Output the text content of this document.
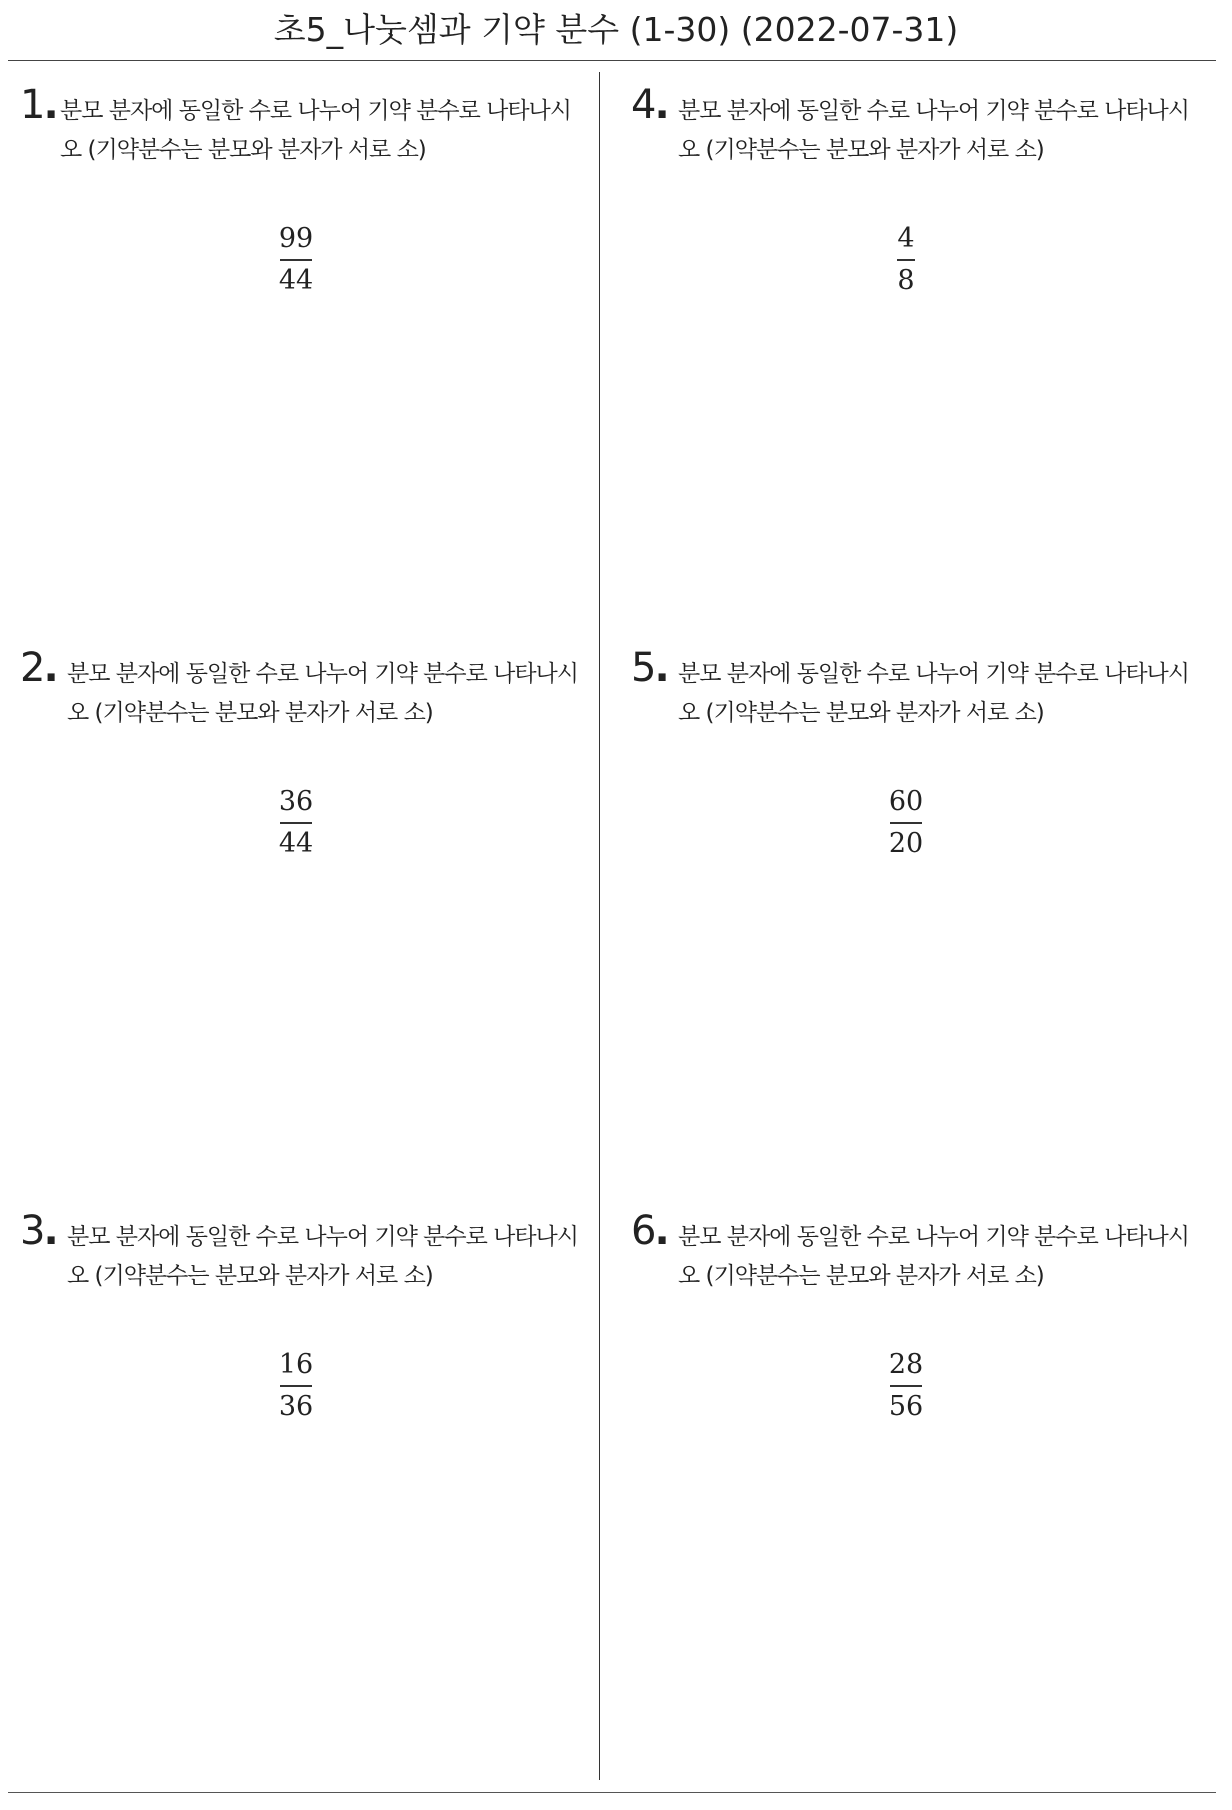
초5_나눗셈과 기약 분수 (1-30) (2022-07-31)
1. 분모 분자에 동일한 수로 나누어 기약 분수로 나타나시
오 (기약분수는 분모와 분자가 서로 소)
99
44
2. 분모 분자에 동일한 수로 나누어 기약 분수로 나타나시
오 (기약분수는 분모와 분자가 서로 소)
36
44
3. 분모 분자에 동일한 수로 나누어 기약 분수로 나타나시
오 (기약분수는 분모와 분자가 서로 소)
16
36
4. 분모 분자에 동일한 수로 나누어 기약 분수로 나타나시
오 (기약분수는 분모와 분자가 서로 소)
4
8
5. 분모 분자에 동일한 수로 나누어 기약 분수로 나타나시
오 (기약분수는 분모와 분자가 서로 소)
60
20
6. 분모 분자에 동일한 수로 나누어 기약 분수로 나타나시
오 (기약분수는 분모와 분자가 서로 소)
28
56
